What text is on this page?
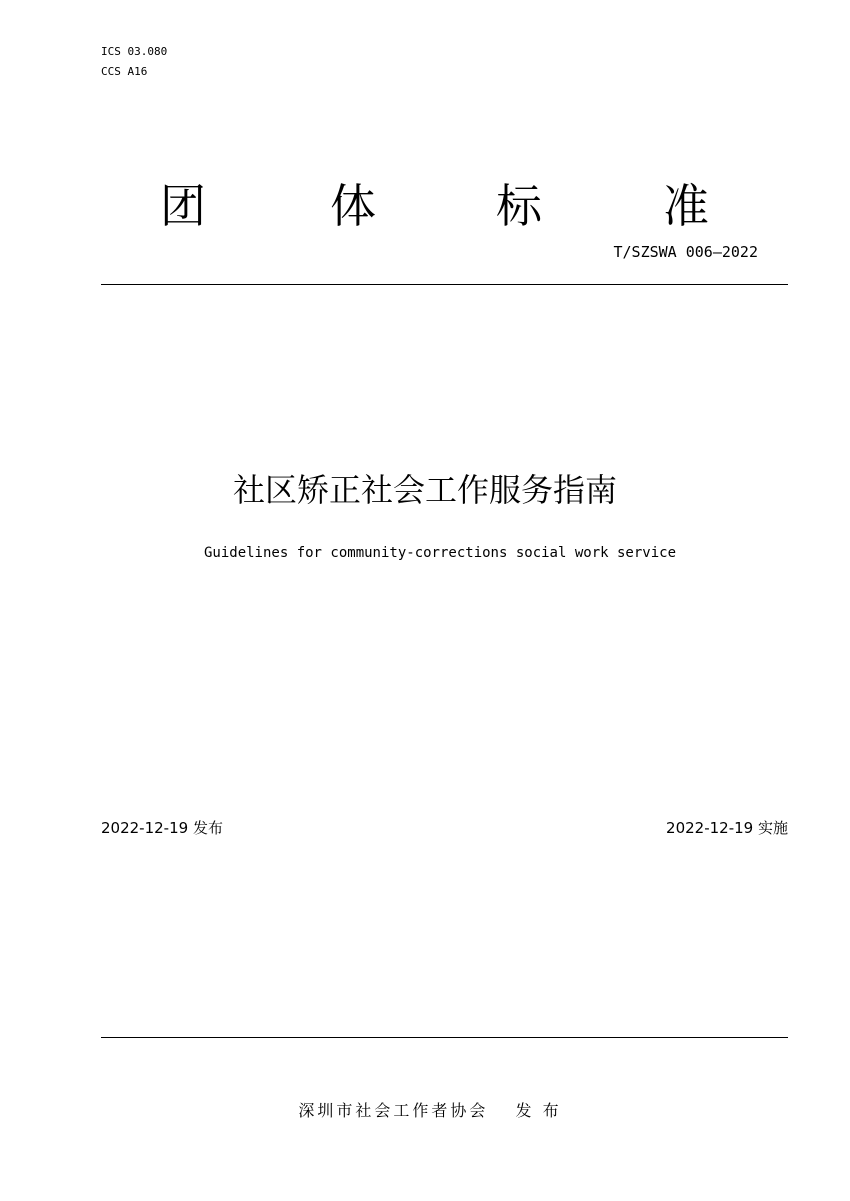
ICS 03.080
CCS A16
团	体	标	准
T/SZSWA 006—2022
社区矫正社会工作服务指南
Guidelines for community-corrections social work service
2022-12-19 发布	2022-12-19 实施
深圳市社会工作者协会　 发 布
